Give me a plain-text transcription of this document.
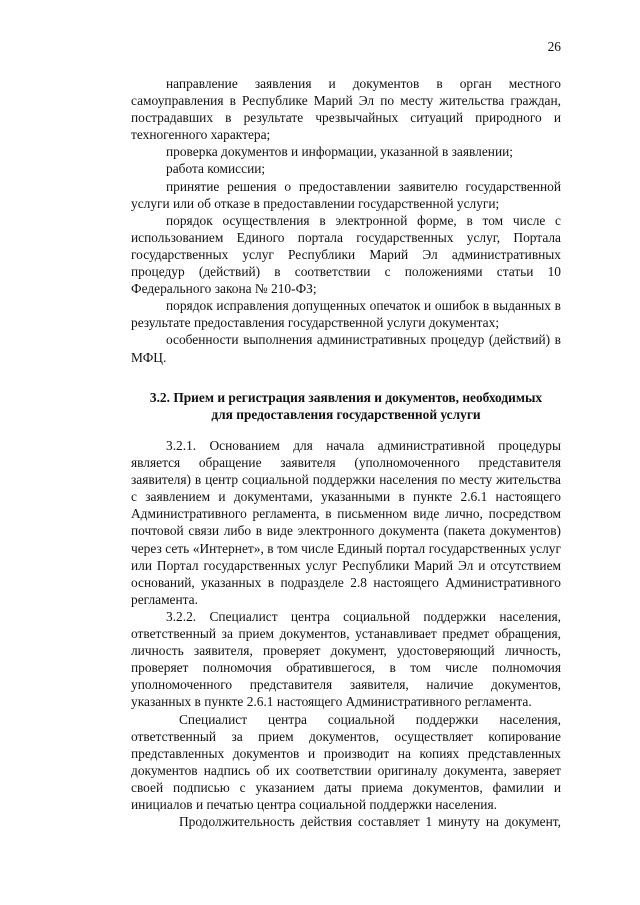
26

направление заявления и документов в орган местного самоуправления в Республике Марий Эл по месту жительства граждан, пострадавших в результате чрезвычайных ситуаций природного и техногенного характера;

проверка документов и информации, указанной в заявлении;

работа комиссии;

принятие решения о предоставлении заявителю государственной услуги или об отказе в предоставлении государственной услуги;

порядок осуществления в электронной форме, в том числе с использованием Единого портала государственных услуг, Портала государственных услуг Республики Марий Эл административных процедур (действий) в соответствии с положениями статьи 10 Федерального закона № 210-ФЗ;

порядок исправления допущенных опечаток и ошибок в выданных в результате предоставления государственной услуги документах;

особенности выполнения административных процедур (действий) в МФЦ.

3.2. Прием и регистрация заявления и документов, необходимых
для предоставления государственной услуги

3.2.1. Основанием для начала административной процедуры является обращение заявителя (уполномоченного представителя заявителя) в центр социальной поддержки населения по месту жительства с заявлением и документами, указанными в пункте 2.6.1 настоящего Административного регламента, в письменном виде лично, посредством почтовой связи либо в виде электронного документа (пакета документов) через сеть «Интернет», в том числе Единый портал государственных услуг или Портал государственных услуг Республики Марий Эл и отсутствием оснований, указанных в подразделе 2.8 настоящего Административного регламента.

3.2.2. Специалист центра социальной поддержки населения, ответственный за прием документов, устанавливает предмет обращения, личность заявителя, проверяет документ, удостоверяющий личность, проверяет полномочия обратившегося, в том числе полномочия уполномоченного представителя заявителя, наличие документов, указанных в пункте 2.6.1 настоящего Административного регламента.

Специалист центра социальной поддержки населения, ответственный за прием документов, осуществляет копирование представленных документов и производит на копиях представленных документов надпись об их соответствии оригиналу документа, заверяет своей подписью с указанием даты приема документов, фамилии и инициалов и печатью центра социальной поддержки населения.

Продолжительность действия составляет 1 минуту на документ,
